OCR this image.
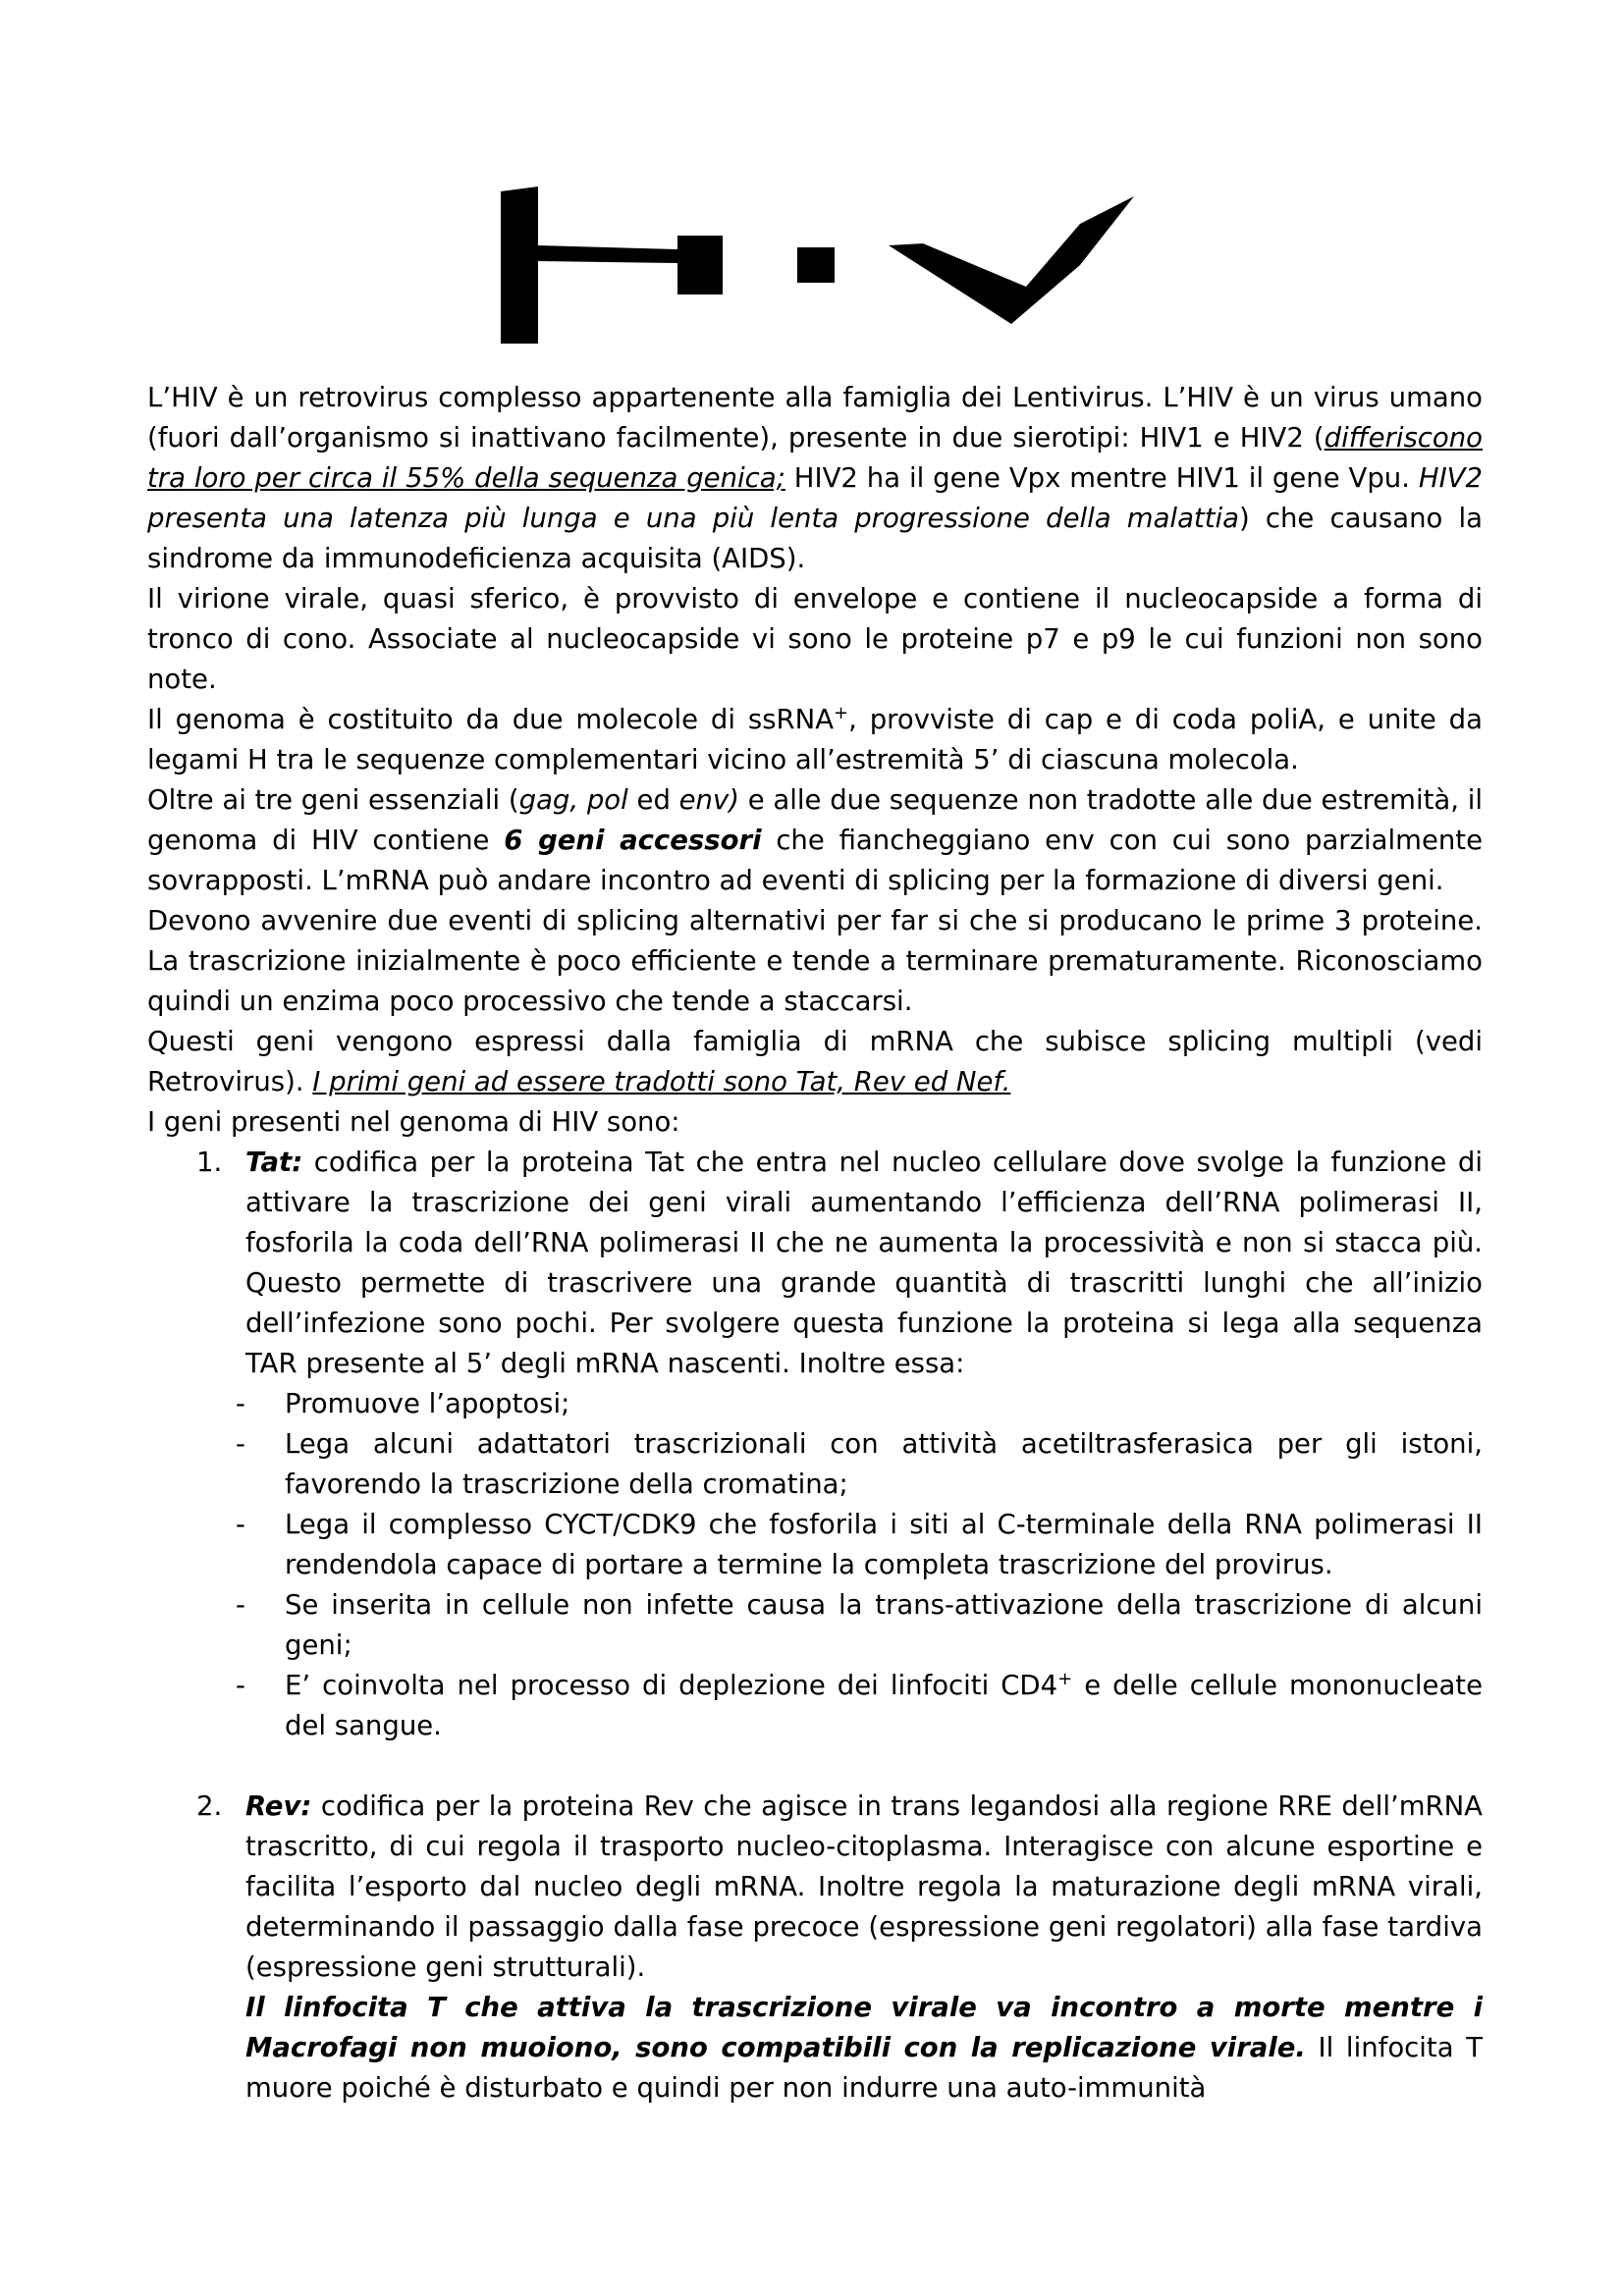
L’HIV è un retrovirus complesso appartenente alla famiglia dei Lentivirus. L’HIV è un virus umano (fuori dall’organismo si inattivano facilmente), presente in due sierotipi: HIV1 e HIV2 (differiscono tra loro per circa il 55% della sequenza genica; HIV2 ha il gene Vpx mentre HIV1 il gene Vpu. HIV2 presenta una latenza più lunga e una più lenta progressione della malattia) che causano la sindrome da immunodeficienza acquisita (AIDS).

Il virione virale, quasi sferico, è provvisto di envelope e contiene il nucleocapside a forma di tronco di cono. Associate al nucleocapside vi sono le proteine p7 e p9 le cui funzioni non sono note.

Il genoma è costituito da due molecole di ssRNA+, provviste di cap e di coda poliA, e unite da legami H tra le sequenze complementari vicino all’estremità 5’ di ciascuna molecola.

Oltre ai tre geni essenziali (gag, pol ed env) e alle due sequenze non tradotte alle due estremità, il genoma di HIV contiene 6 geni accessori che fiancheggiano env con cui sono parzialmente sovrapposti. L’mRNA può andare incontro ad eventi di splicing per la formazione di diversi geni.

Devono avvenire due eventi di splicing alternativi per far si che si producano le prime 3 proteine. La trascrizione inizialmente è poco efficiente e tende a terminare prematuramente. Riconosciamo quindi un enzima poco processivo che tende a staccarsi.

Questi geni vengono espressi dalla famiglia di mRNA che subisce splicing multipli (vedi Retrovirus). I primi geni ad essere tradotti sono Tat, Rev ed Nef.

I geni presenti nel genoma di HIV sono:

1. Tat: codifica per la proteina Tat che entra nel nucleo cellulare dove svolge la funzione di attivare la trascrizione dei geni virali aumentando l’efficienza dell’RNA polimerasi II, fosforila la coda dell’RNA polimerasi II che ne aumenta la processività e non si stacca più. Questo permette di trascrivere una grande quantità di trascritti lunghi che all’inizio dell’infezione sono pochi. Per svolgere questa funzione la proteina si lega alla sequenza TAR presente al 5’ degli mRNA nascenti. Inoltre essa:

- Promuove l’apoptosi;
- Lega alcuni adattatori trascrizionali con attività acetiltrasferasica per gli istoni, favorendo la trascrizione della cromatina;
- Lega il complesso CYCT/CDK9 che fosforila i siti al C-terminale della RNA polimerasi II rendendola capace di portare a termine la completa trascrizione del provirus.
- Se inserita in cellule non infette causa la trans-attivazione della trascrizione di alcuni geni;
- E’ coinvolta nel processo di deplezione dei linfociti CD4+ e delle cellule mononucleate del sangue.
2. Rev: codifica per la proteina Rev che agisce in trans legandosi alla regione RRE dell’mRNA trascritto, di cui regola il trasporto nucleo-citoplasma. Interagisce con alcune esportine e facilita l’esporto dal nucleo degli mRNA. Inoltre regola la maturazione degli mRNA virali, determinando il passaggio dalla fase precoce (espressione geni regolatori) alla fase tardiva (espressione geni strutturali).

Il linfocita T che attiva la trascrizione virale va incontro a morte mentre i Macrofagi non muoiono, sono compatibili con la replicazione virale. Il linfocita T muore poiché è disturbato e quindi per non indurre una auto-immunità
